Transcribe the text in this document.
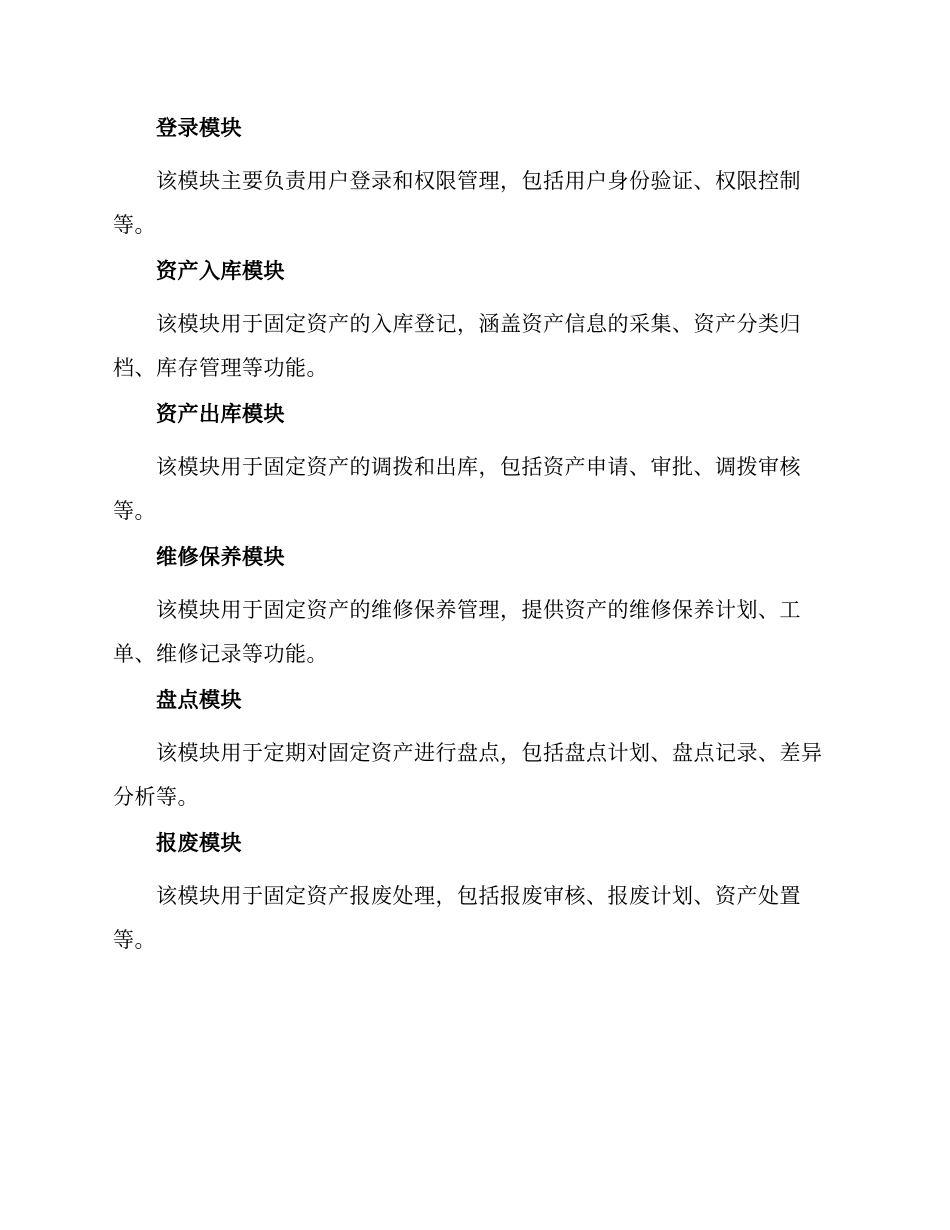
登录模块
该模块主要负责用户登录和权限管理，包括用户身份验证、权限控制
等。
资产入库模块
该模块用于固定资产的入库登记，涵盖资产信息的采集、资产分类归
档、库存管理等功能。
资产出库模块
该模块用于固定资产的调拨和出库，包括资产申请、审批、调拨审核
等。
维修保养模块
该模块用于固定资产的维修保养管理，提供资产的维修保养计划、工
单、维修记录等功能。
盘点模块
该模块用于定期对固定资产进行盘点，包括盘点计划、盘点记录、差异
分析等。
报废模块
该模块用于固定资产报废处理，包括报废审核、报废计划、资产处置
等。
